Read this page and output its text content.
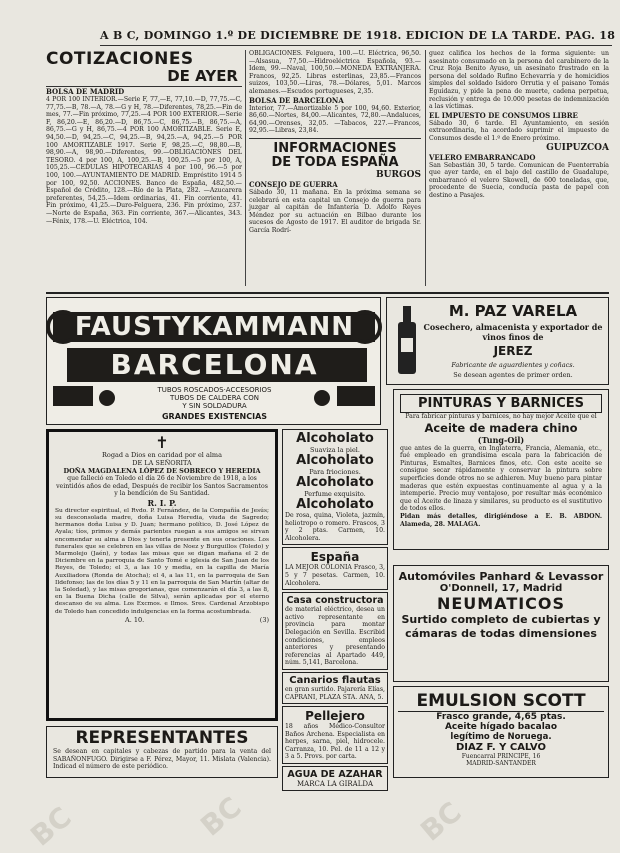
A B C, DOMINGO 1.º DE DICIEMBRE DE 1918. EDICION DE LA TARDE. PAG. 18
COTIZACIONES
DE AYER
BOLSA DE MADRID
4 POR 100 INTERIOR.—Serie F, 77,—E, 77,10.—D, 77,75.—C, 77,75.—B, 78.—A, 78.—G y H, 78.—Diferentes, 78,25.—Fin de mes, 77.—Fin próximo, 77,25.—4 POR 100 EXTERIOR.—Serie F, 86,20.—E, 86,20.—D, 86,75.—C, 86,75.—B, 86,75.—A, 86,75.—G y H, 86,75.—4 POR 100 AMORTIZABLE. Serie E, 94,50.—D, 94,25.—C, 94,25.—B, 94,25.—A, 94,25.—5 POR 100 AMORTIZABLE 1917. Serie F, 98,25.—C, 98,80.—B, 98,90.—A, 98,90.—Diferentes, 99.—OBLIGACIONES DEL TESORO. 4 por 100, A, 100,25.—B, 100,25.—5 por 100, A, 105,25.—CEDULAS HIPOTECARIAS 4 por 100, 96.—5 por 100, 100.—AYUNTAMIENTO DE MADRID. Empréstito 1914 5 por 100, 92,50. ACCIONES. Banco de España, 482,50.—Español de Crédito, 128.—Río de la Plata, 282. —Azucarera preferentes, 54,25.—Idem ordinarias, 41. Fin corriente, 41. Fin próximo, 41,25.—Duro-Felguera, 236. Fin próximo, 237. —Norte de España, 363. Fin corriente, 367.—Alicantes, 343.—Fénix, 178.—U. Eléctrica, 104.
OBLIGACIONES. Felguera, 100.—U. Eléctrica, 96,50.—Alsasua, 77,50.—Hidroeléctrica Española, 93.—Idem, 99.—Naval, 100,50.—MONEDA EXTRANJERA. Francos, 92,25. Libras esterlinas, 23,85.—Francos suizos, 103,50.—Liras, 78.—Dólares, 5,01. Marcos alemanes.—Escudos portugueses, 2,35.
BOLSA DE BARCELONA
Interior, 77.—Amortizable 5 por 100, 94,60. Exterior, 86,60.—Nortes, 84,00.—Alicantes, 72,80.—Andaluces, 64,90.—Orenses, 32,05. —Tabacos, 227.—Francos, 92,95.—Libras, 23,84.
INFORMACIONES
DE TODA ESPAÑA
BURGOS
CONSEJO DE GUERRA
Sábado 30, 11 mañana. En la próxima semana se celebrará en esta capital un Consejo de guerra para juzgar al capitán de Infantería D. Adolfo Reyes Méndez por su actuación en Bilbao durante los sucesos de Agosto de 1917. El auditor de brigada Sr. García Rodrí-
guez califica los hechos de la forma siguiente: un asesinato consumado en la persona del carabinero de la Cruz Roja Benito Ayuso, un asesinato frustrado en la persona del soldado Rufino Echevarría y de homicidios simples del soldado Isidoro Orrutia y el paisano Tomás Eguidazu, y pide la pena de muerte, cadena perpetua, reclusión y entrega de 10.000 pesetas de indemnización a las víctimas.
EL IMPUESTO DE CONSUMOS LIBRE
Sábado 30, 6 tarde. El Ayuntamiento, en sesión extraordinaria, ha acordado suprimir el impuesto de Consumos desde el 1.º de Enero próximo.
GUIPUZCOA
VELERO EMBARRANCADO
San Sebastián 30, 5 tarde. Comunican de Fuenterrabía que ayer tarde, en el bajo del castillo de Guadalupe, embarrancó el velero Skowell, de 600 toneladas, que, procedente de Suecia, conducía pasta de papel con destino a Pasajes.
FAUSTYKAMMANN
BARCELONA
TUBOS ROSCADOS·ACCESORIOS
TUBOS DE CALDERA CON
Y SIN SOLDADURA
GRANDES EXISTENCIAS
M. PAZ VARELA
Cosechero, almacenista y exportador de vinos finos de
JEREZ
Fabricante de aguardientes y coñacs.
Se desean agentes de primer orden.
PINTURAS Y BARNICES
Para fabricar pinturas y barnices, no hay mejor Aceite que el
Aceite de madera chino
(Tung-Oil)
que antes de la guerra, en Inglaterra, Francia, Alemania, etc., fué empleado en grandísima escala para la fabricación de Pinturas, Esmaltes, Barnices finos, etc. Con este aceite se consigue secar rápidamente y conservar la pintura sobre superficies donde otros no se adhieren. Muy bueno para pintar maderas que estén expuestas continuamente al agua y a la intemperie. Precio muy ventajoso, por resultar más económico que el Aceite de linaza y similares, su producto es el sustitutivo de todos ellos.
Pidan más detalles, dirigiéndose a E. B. ABDON. Alameda, 28. MALAGA.
✝
Rogad a Dios en caridad por el alma
DE LA SEÑORITA
DOÑA MAGDALENA LÓPEZ DE SOBRECO Y HEREDIA
que falleció en Toledo el día 26 de Noviembre de 1918, a los veintidós años de edad, Después de recibir los Santos Sacramentos y la bendición de Su Santidad.
R. I. P.
Su director espiritual, el Rvdo. P. Fernández, de la Compañía de Jesús; su desconsolada madre, doña Luisa Heredia, viuda de Sagredo; hermanos doña Luisa y D. Juan; hermano político, D. José López de Ayala; tíos, primos y demás parientes ruegan a sus amigos se sirvan encomendar su alma a Dios y tenerla presente en sus oraciones. Los funerales que se celebren en las villas de Noez y Burguillos (Toledo) y Marmolejo (Jaén), y todas las misas que se digan mañana el 2 de Diciembre en la parroquia de Santo Tomé e iglesia de San Juan de los Reyes, de Toledo; el 3, a las 10 y media, en la capilla de María Auxiliadora (Ronda de Atocha); el 4, a las 11, en la parroquia de San Ildefonso; las de los días 5 y 11 en la parroquia de San Martín (altar de la Soledad), y las misas gregorianas, que comenzarán el día 3, a las 8, en la Buena Dicha (calle de Silva), serán aplicadas por el eterno descanso de su alma. Los Excmos. e Ilmos. Sres. Cardenal Arzobispo de Toledo han concedido indulgencias en la forma acostumbrada.
A. 10.	(3)
Alcoholato
Suaviza la piel.
Alcoholato
Para friociones.
Alcoholato
Perfume exquisito.
Alcoholato
De rosa, quina, Violeta, jazmín, heliotropo o romero. Frascos, 3 y 2 ptas. Carmen, 10. Alcoholera.
España
LA MEJOR COLONIA Frasco, 3, 5 y 7 pesetas. Carmen, 10. Alcoholera.
Casa constructora
de material eléctrico, desea un activo representante en provincia para montar Delegación en Sevilla. Escribid condiciones, empleos anteriores y presentando referencias al Apartado 449, núm. 5,141, Barcelona.
Canarios flautas
en gran surtido. Pajarería Elías, CAPRANI, PLAZA STA. ANA, 5.
Pellejero
18 años Médico-Consultor Baños Archena. Especialista en herpes, sarna, piel, hidrocele. Carranza, 10. Pel. de 11 a 12 y 3 a 5. Provs. por carta.
AGUA DE AZAHAR
MARCA LA GIRALDA
Automóviles Panhard & Levassor
O'Donnell, 17, Madrid
NEUMATICOS
Surtido completo de cubiertas y cámaras de todas dimensiones
EMULSION SCOTT
Frasco grande, 4,65 ptas.
Aceite hígado bacalao
legítimo de Noruega.
DIAZ F. Y CALVO
Fuencarral PRINCIPE, 16
MADRID-SANTANDER
REPRESENTANTES
Se desean en capitales y cabezas de partido para la venta del SABAÑONFUGO. Dirigirse a F. Pérez, Mayor, 11. Mislata (Valencia). Indicad el número de este periódico.
BC	BC
BC
